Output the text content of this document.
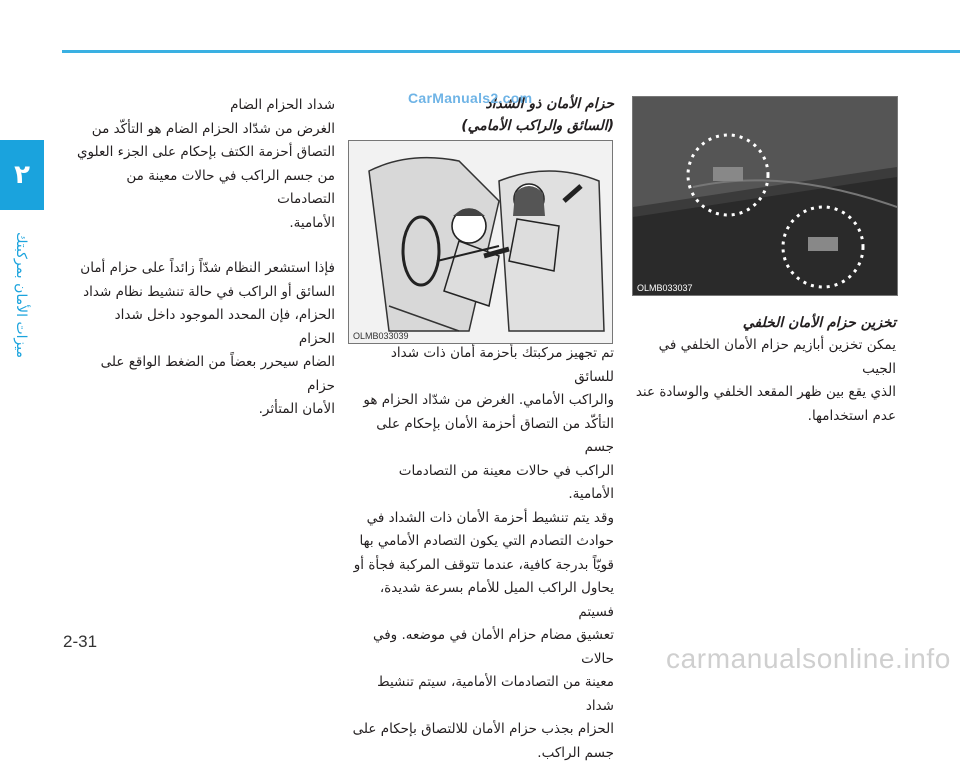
٢
ميزات الأمان بمركبتك

شداد الحزام الضام
الغرض من شدّاد الحزام الضام هو التأكّد من
التصاق أحزمة الكتف بإحكام على الجزء العلوي
من جسم الراكب في حالات معينة من التصادمات
الأمامية.

فإذا استشعر النظام شدّاً زائداً على حزام أمان
السائق أو الراكب في حالة تنشيط نظام شداد
الحزام، فإن المحدد الموجود داخل شداد الحزام
الضام سيحرر بعضاً من الضغط الواقع على حزام
الأمان المتأثر.

حزام الأمان ذو الشداد
(السائق والراكب الأمامي)

تم تجهيز مركبتك بأحزمة أمان ذات شداد للسائق
والراكب الأمامي. الغرض من شدّاد الحزام هو
التأكّد من التصاق أحزمة الأمان بإحكام على جسم
الراكب في حالات معينة من التصادمات الأمامية.
وقد يتم تنشيط أحزمة الأمان ذات الشداد في
حوادث التصادم التي يكون التصادم الأمامي بها
قويّاً بدرجة كافية، عندما تتوقف المركبة فجأة أو
يحاول الراكب الميل للأمام بسرعة شديدة، فسيتم
تعشيق مضام حزام الأمان في موضعه. وفي حالات
معينة من التصادمات الأمامية، سيتم تنشيط شداد
الحزام بجذب حزام الأمان للالتصاق بإحكام على
جسم الراكب.

CarManuals2.com
OLMB033039
OLMB033037
تخزين حزام الأمان الخلفي

يمكن تخزين أبازيم حزام الأمان الخلفي في الجيب
الذي يقع بين ظهر المقعد الخلفي والوسادة عند
عدم استخدامها.

2-31
carmanualsonline.info
